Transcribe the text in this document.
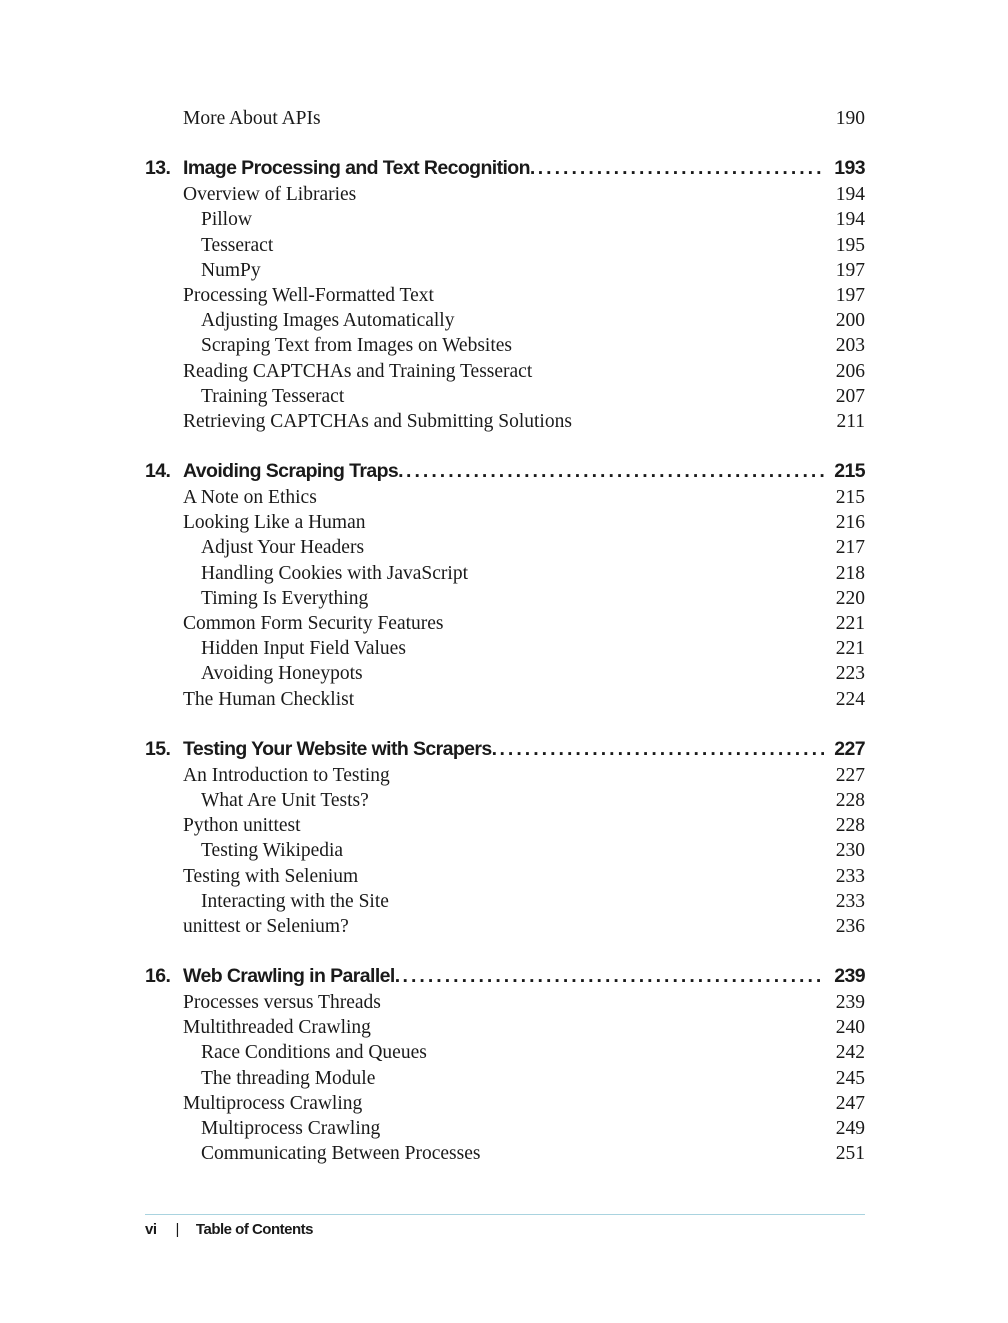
More About APIs	190
13. Image Processing and Text Recognition. . . .	193
Overview of Libraries	194
Pillow	194
Tesseract	195
NumPy	197
Processing Well-Formatted Text	197
Adjusting Images Automatically	200
Scraping Text from Images on Websites	203
Reading CAPTCHAs and Training Tesseract	206
Training Tesseract	207
Retrieving CAPTCHAs and Submitting Solutions	211
14. Avoiding Scraping Traps. . . .	215
A Note on Ethics	215
Looking Like a Human	216
Adjust Your Headers	217
Handling Cookies with JavaScript	218
Timing Is Everything	220
Common Form Security Features	221
Hidden Input Field Values	221
Avoiding Honeypots	223
The Human Checklist	224
15. Testing Your Website with Scrapers. . . .	227
An Introduction to Testing	227
What Are Unit Tests?	228
Python unittest	228
Testing Wikipedia	230
Testing with Selenium	233
Interacting with the Site	233
unittest or Selenium?	236
16. Web Crawling in Parallel. . . .	239
Processes versus Threads	239
Multithreaded Crawling	240
Race Conditions and Queues	242
The threading Module	245
Multiprocess Crawling	247
Multiprocess Crawling	249
Communicating Between Processes	251
vi | Table of Contents
